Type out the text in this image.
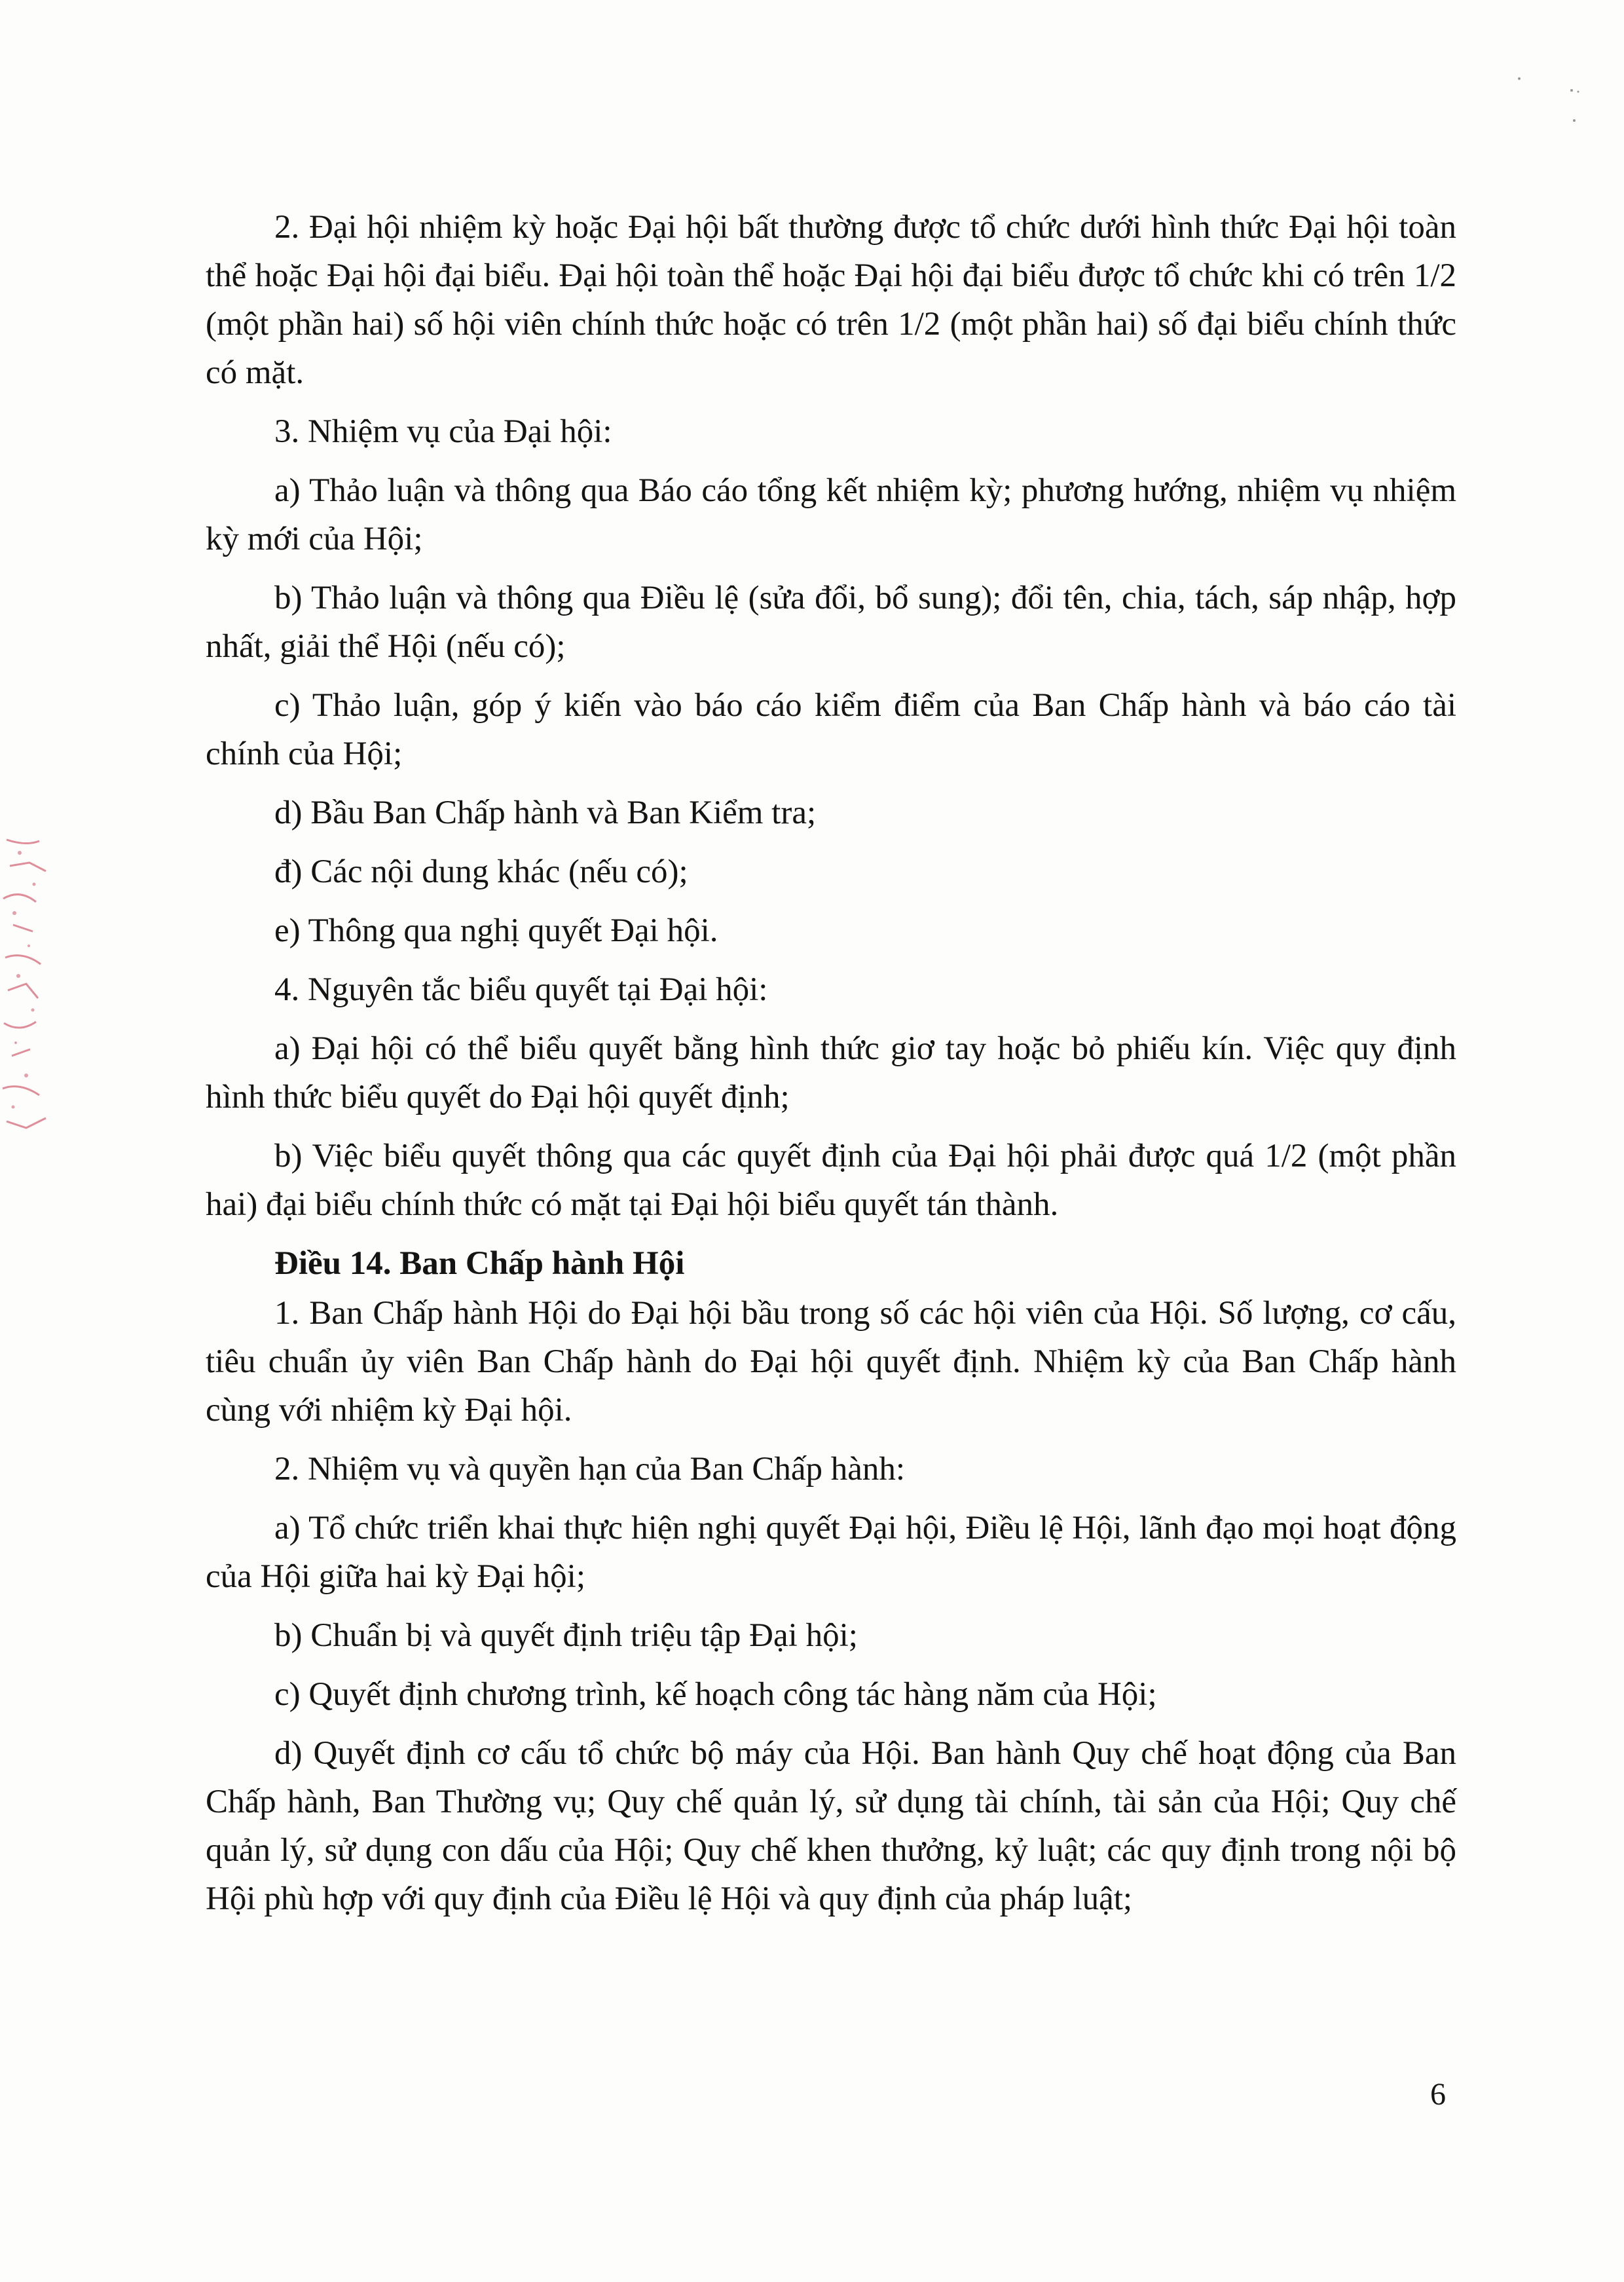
2. Đại hội nhiệm kỳ hoặc Đại hội bất thường được tổ chức dưới hình thức Đại hội toàn thể hoặc Đại hội đại biểu. Đại hội toàn thể hoặc Đại hội đại biểu được tổ chức khi có trên 1/2 (một phần hai) số hội viên chính thức hoặc có trên 1/2 (một phần hai) số đại biểu chính thức có mặt.

3. Nhiệm vụ của Đại hội:

a) Thảo luận và thông qua Báo cáo tổng kết nhiệm kỳ; phương hướng, nhiệm vụ nhiệm kỳ mới của Hội;

b) Thảo luận và thông qua Điều lệ (sửa đổi, bổ sung); đổi tên, chia, tách, sáp nhập, hợp nhất, giải thể Hội (nếu có);

c) Thảo luận, góp ý kiến vào báo cáo kiểm điểm của Ban Chấp hành và báo cáo tài chính của Hội;

d) Bầu Ban Chấp hành và Ban Kiểm tra;

đ) Các nội dung khác (nếu có);

e) Thông qua nghị quyết Đại hội.

4. Nguyên tắc biểu quyết tại Đại hội:

a) Đại hội có thể biểu quyết bằng hình thức giơ tay hoặc bỏ phiếu kín. Việc quy định hình thức biểu quyết do Đại hội quyết định;

b) Việc biểu quyết thông qua các quyết định của Đại hội phải được quá 1/2 (một phần hai) đại biểu chính thức có mặt tại Đại hội biểu quyết tán thành.

Điều 14. Ban Chấp hành Hội

1. Ban Chấp hành Hội do Đại hội bầu trong số các hội viên của Hội. Số lượng, cơ cấu, tiêu chuẩn ủy viên Ban Chấp hành do Đại hội quyết định. Nhiệm kỳ của Ban Chấp hành cùng với nhiệm kỳ Đại hội.

2. Nhiệm vụ và quyền hạn của Ban Chấp hành:

a) Tổ chức triển khai thực hiện nghị quyết Đại hội, Điều lệ Hội, lãnh đạo mọi hoạt động của Hội giữa hai kỳ Đại hội;

b) Chuẩn bị và quyết định triệu tập Đại hội;

c) Quyết định chương trình, kế hoạch công tác hàng năm của Hội;

d) Quyết định cơ cấu tổ chức bộ máy của Hội. Ban hành Quy chế hoạt động của Ban Chấp hành, Ban Thường vụ; Quy chế quản lý, sử dụng tài chính, tài sản của Hội; Quy chế quản lý, sử dụng con dấu của Hội; Quy chế khen thưởng, kỷ luật; các quy định trong nội bộ Hội phù hợp với quy định của Điều lệ Hội và quy định của pháp luật;

6
